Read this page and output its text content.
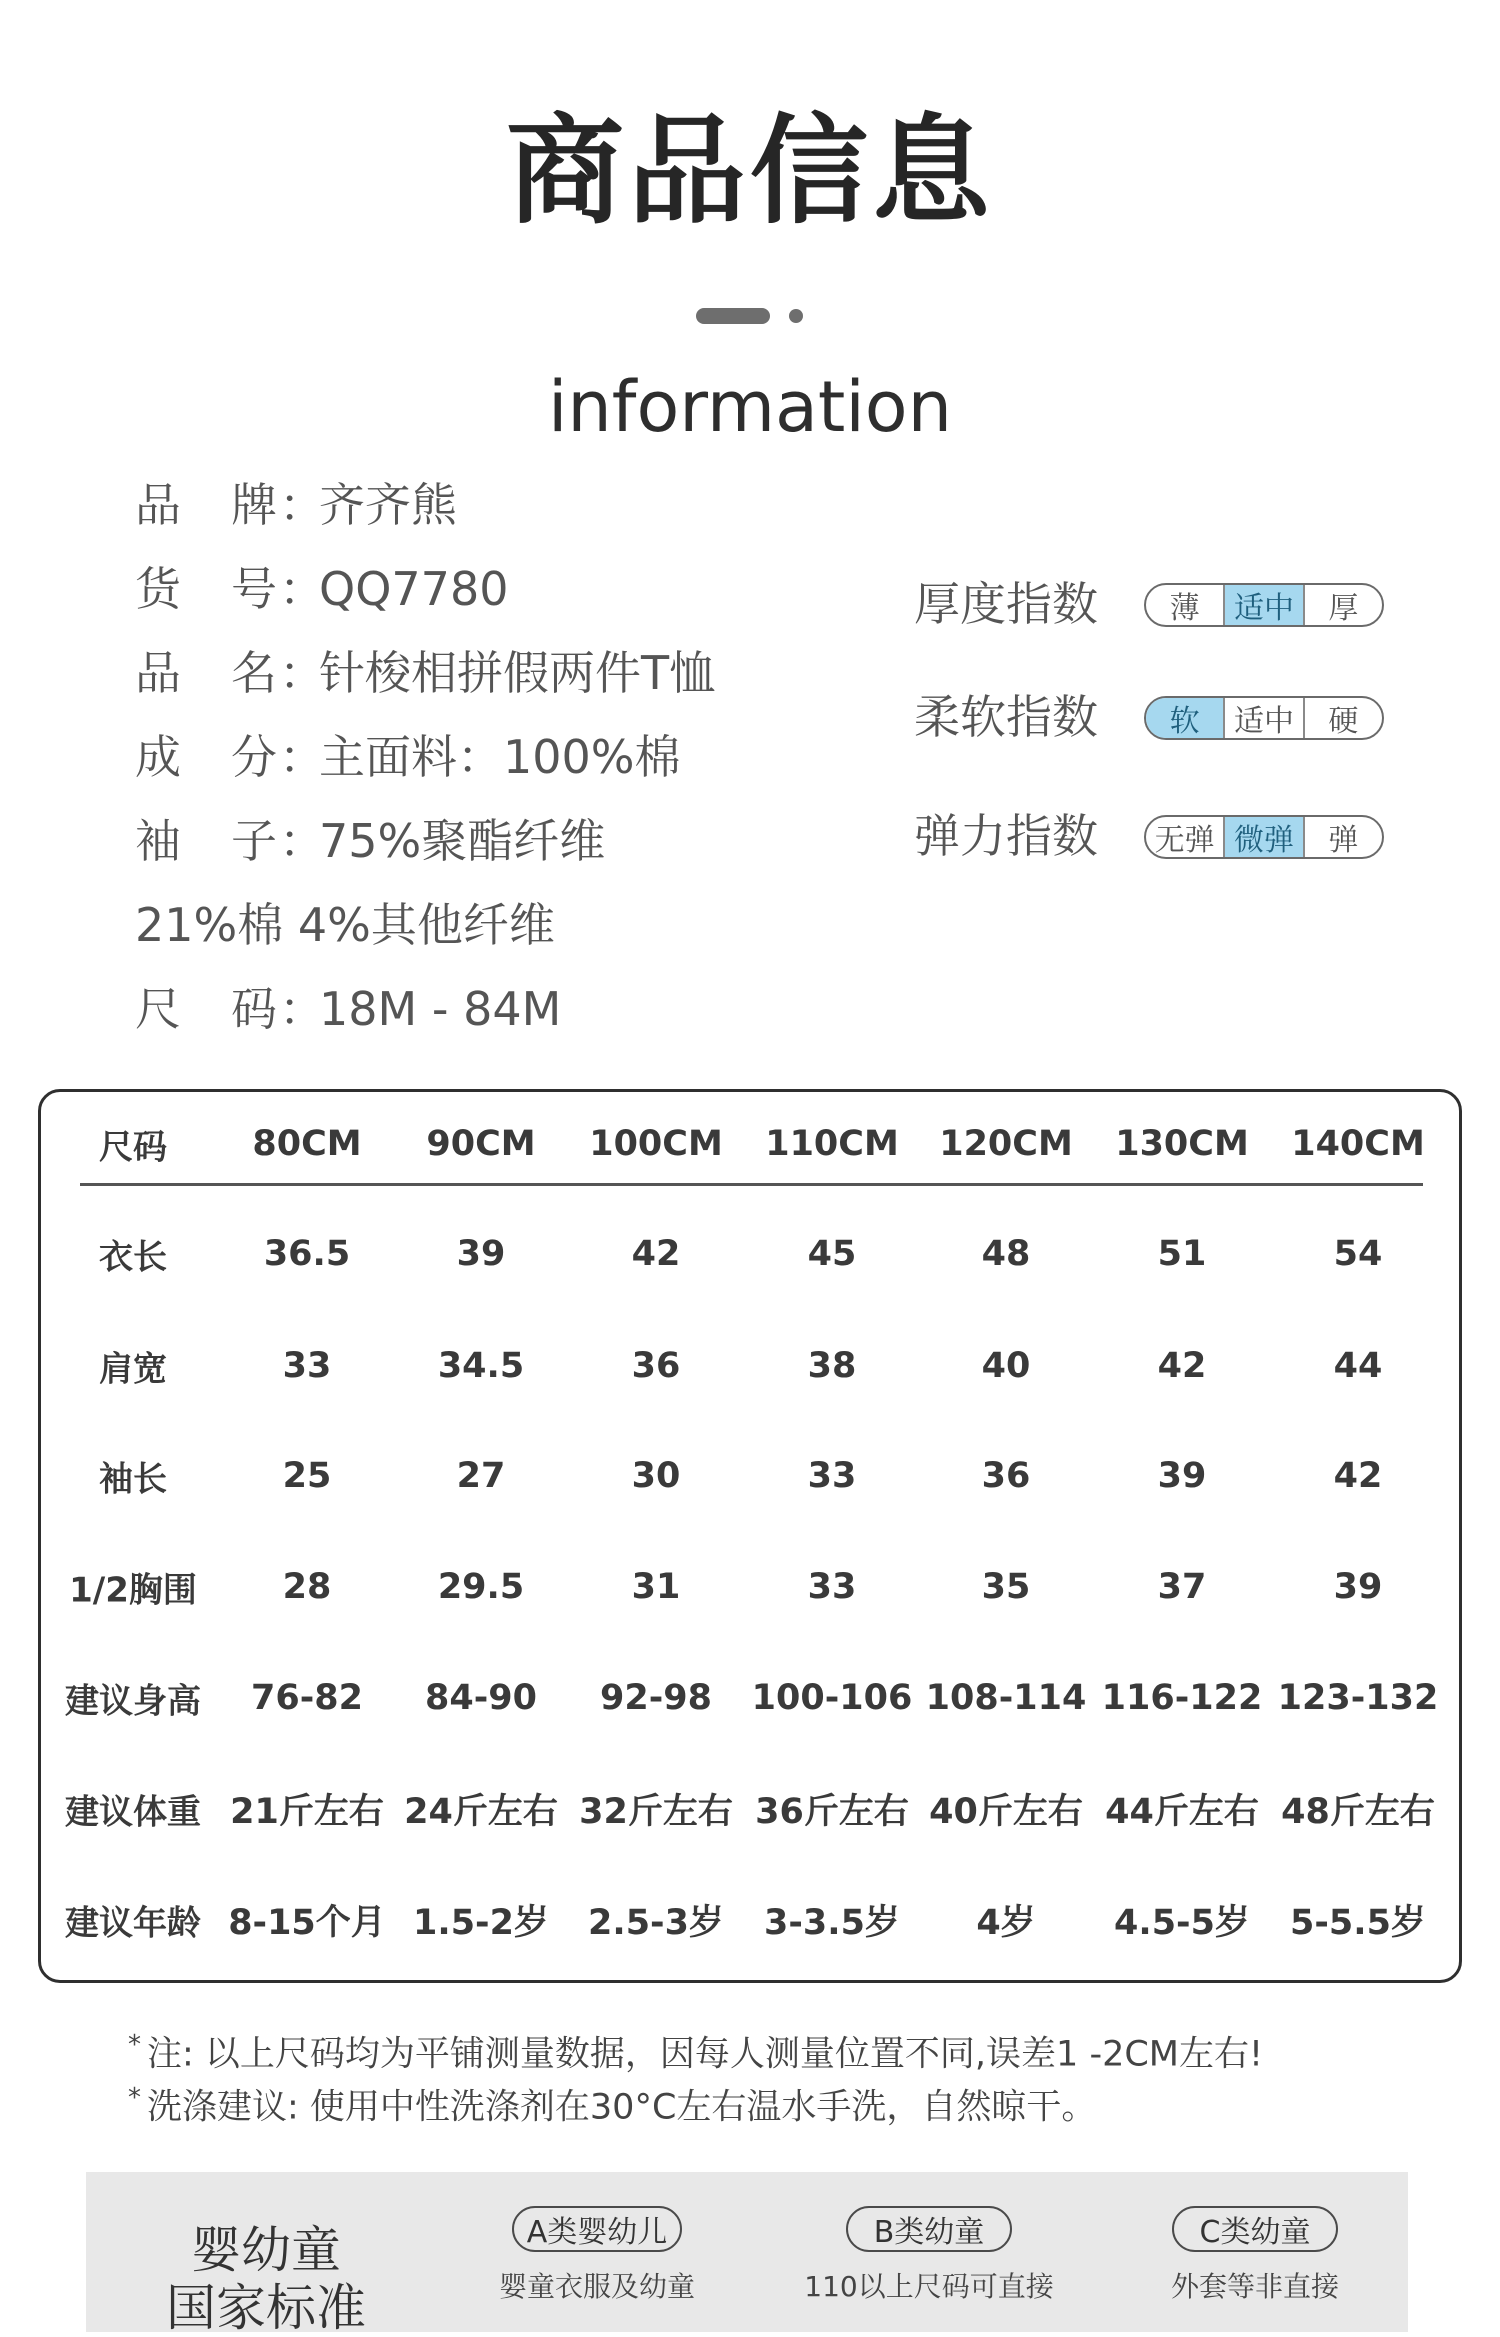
商品信息
information
品　牌：齐齐熊
货　号：QQ7780
品　名：针梭相拼假两件T恤
成　分：主面料：100%棉
袖　子：75%聚酯纤维
21%棉 4%其他纤维
尺　码：18M - 84M
厚度指数	薄	适中	厚
柔软指数	软	适中	硬
弹力指数 无弹 微弹	弹
尺码 80CM 90CM 100CM 110CM 120CM 130CM 140CM
衣长	36.5	39	42	45	48	51	54
肩宽	33	34.5	36	38	40	42	44
袖长	25	27	30	33	36	39	42
1/2胸围 28	29.5	31	33	35	37	39
建议身高 76-82 84-90 92-98 100-106 108-114 116-122 123-132
建议体重 21斤左右 24斤左右 32斤左右 36斤左右 40斤左右 44斤左右 48斤左右
建议年龄 8-15个月 1.5-2岁 2.5-3岁 3-3.5岁 4岁 4.5-5岁 5-5.5岁
* 注: 以上尺码均为平铺测量数据，因每人测量位置不同,误差1 -2CM左右!
* 洗涤建议: 使用中性洗涤剂在30°C左右温水手洗，自然晾干。
婴幼童
国家标准
A类婴幼儿
婴童衣服及幼童
B类幼童
110以上尺码可直接
C类幼童
外套等非直接
